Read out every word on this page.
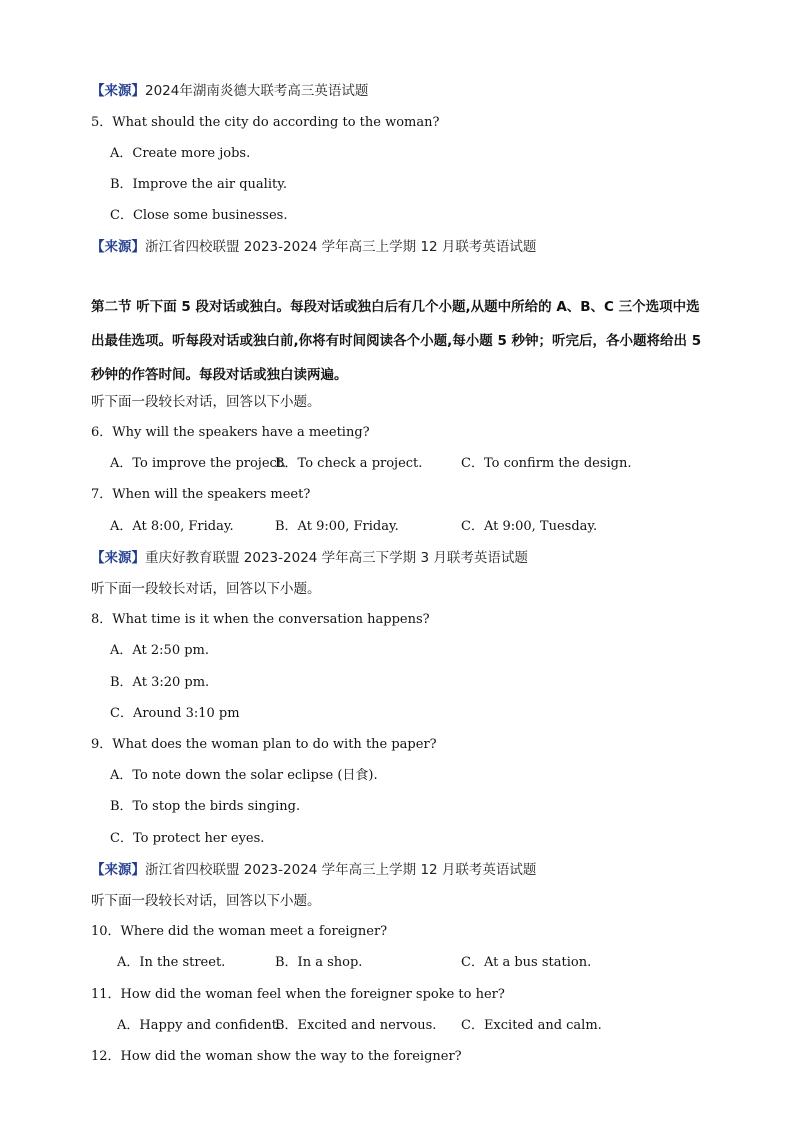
【来源】2024年湖南炎德大联考高三英语试题
5．What should the city do according to the woman?
A．Create more jobs.
B．Improve the air quality.
C．Close some businesses.
【来源】浙江省四校联盟 2023-2024 学年高三上学期 12 月联考英语试题
第二节 听下面 5 段对话或独白。每段对话或独白后有几个小题,从题中所给的 A、B、C 三个选项中选出最佳选项。听每段对话或独白前,你将有时间阅读各个小题,每小题 5 秒钟；听完后，各小题将给出 5 秒钟的作答时间。每段对话或独白读两遍。
听下面一段较长对话，回答以下小题。
6．Why will the speakers have a meeting?
A．To improve the project.
B．To check a project.	C．To confirm the design.
7．When will the speakers meet?
A．At 8:00, Friday.	B．At 9:00, Friday.	C．At 9:00, Tuesday.
【来源】重庆好教育联盟 2023-2024 学年高三下学期 3 月联考英语试题
听下面一段较长对话，回答以下小题。
8．What time is it when the conversation happens?
A．At 2:50 pm.
B．At 3:20 pm.
C．Around 3:10 pm
9．What does the woman plan to do with the paper?
A．To note down the solar eclipse (日食).
B．To stop the birds singing.
C．To protect her eyes.
【来源】浙江省四校联盟 2023-2024 学年高三上学期 12 月联考英语试题
听下面一段较长对话，回答以下小题。
10．Where did the woman meet a foreigner?
A．In the street.	B．In a shop.	C．At a bus station.
11．How did the woman feel when the foreigner spoke to her?
A．Happy and confident.
B．Excited and nervous. C．Excited and calm.
12．How did the woman show the way to the foreigner?
